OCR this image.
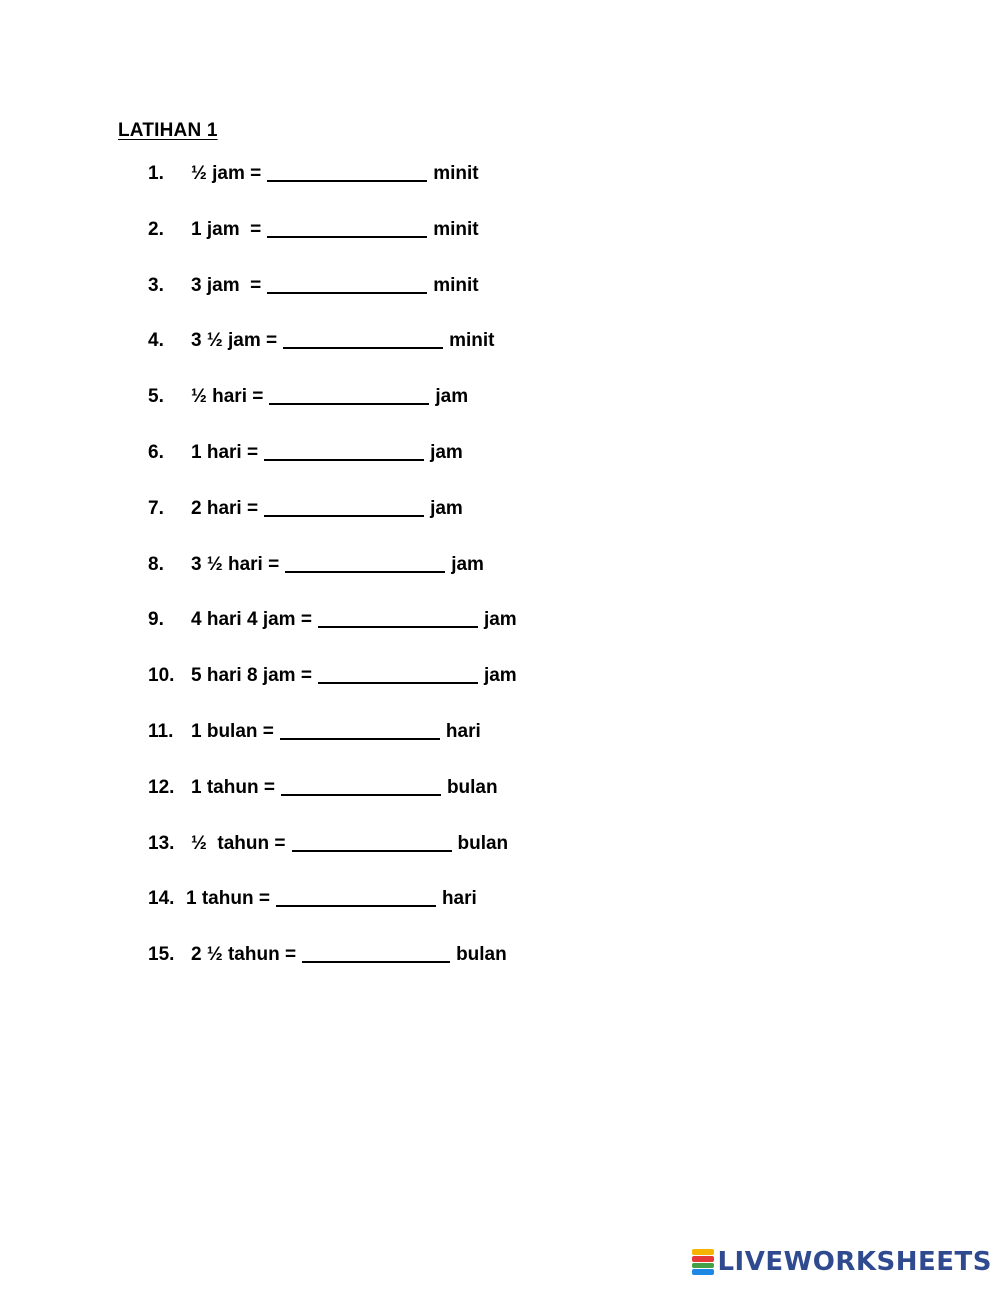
LATIHAN 1
1.	½ jam =	minit
2.	1 jam  =	minit
3.	3 jam  =	minit
4.	3 ½ jam =	minit
5.	½ hari =	jam
6.	1 hari =	jam
7.	2 hari =	jam
8.	3 ½ hari =	jam
9.	4 hari 4 jam =	jam
10. 5 hari 8 jam =	jam
11. 1 bulan =	hari
12. 1 tahun =	bulan
13. ½  tahun =	bulan
14. 1 tahun =	hari
15. 2 ½ tahun =	bulan
LIVEWORKSHEETS
